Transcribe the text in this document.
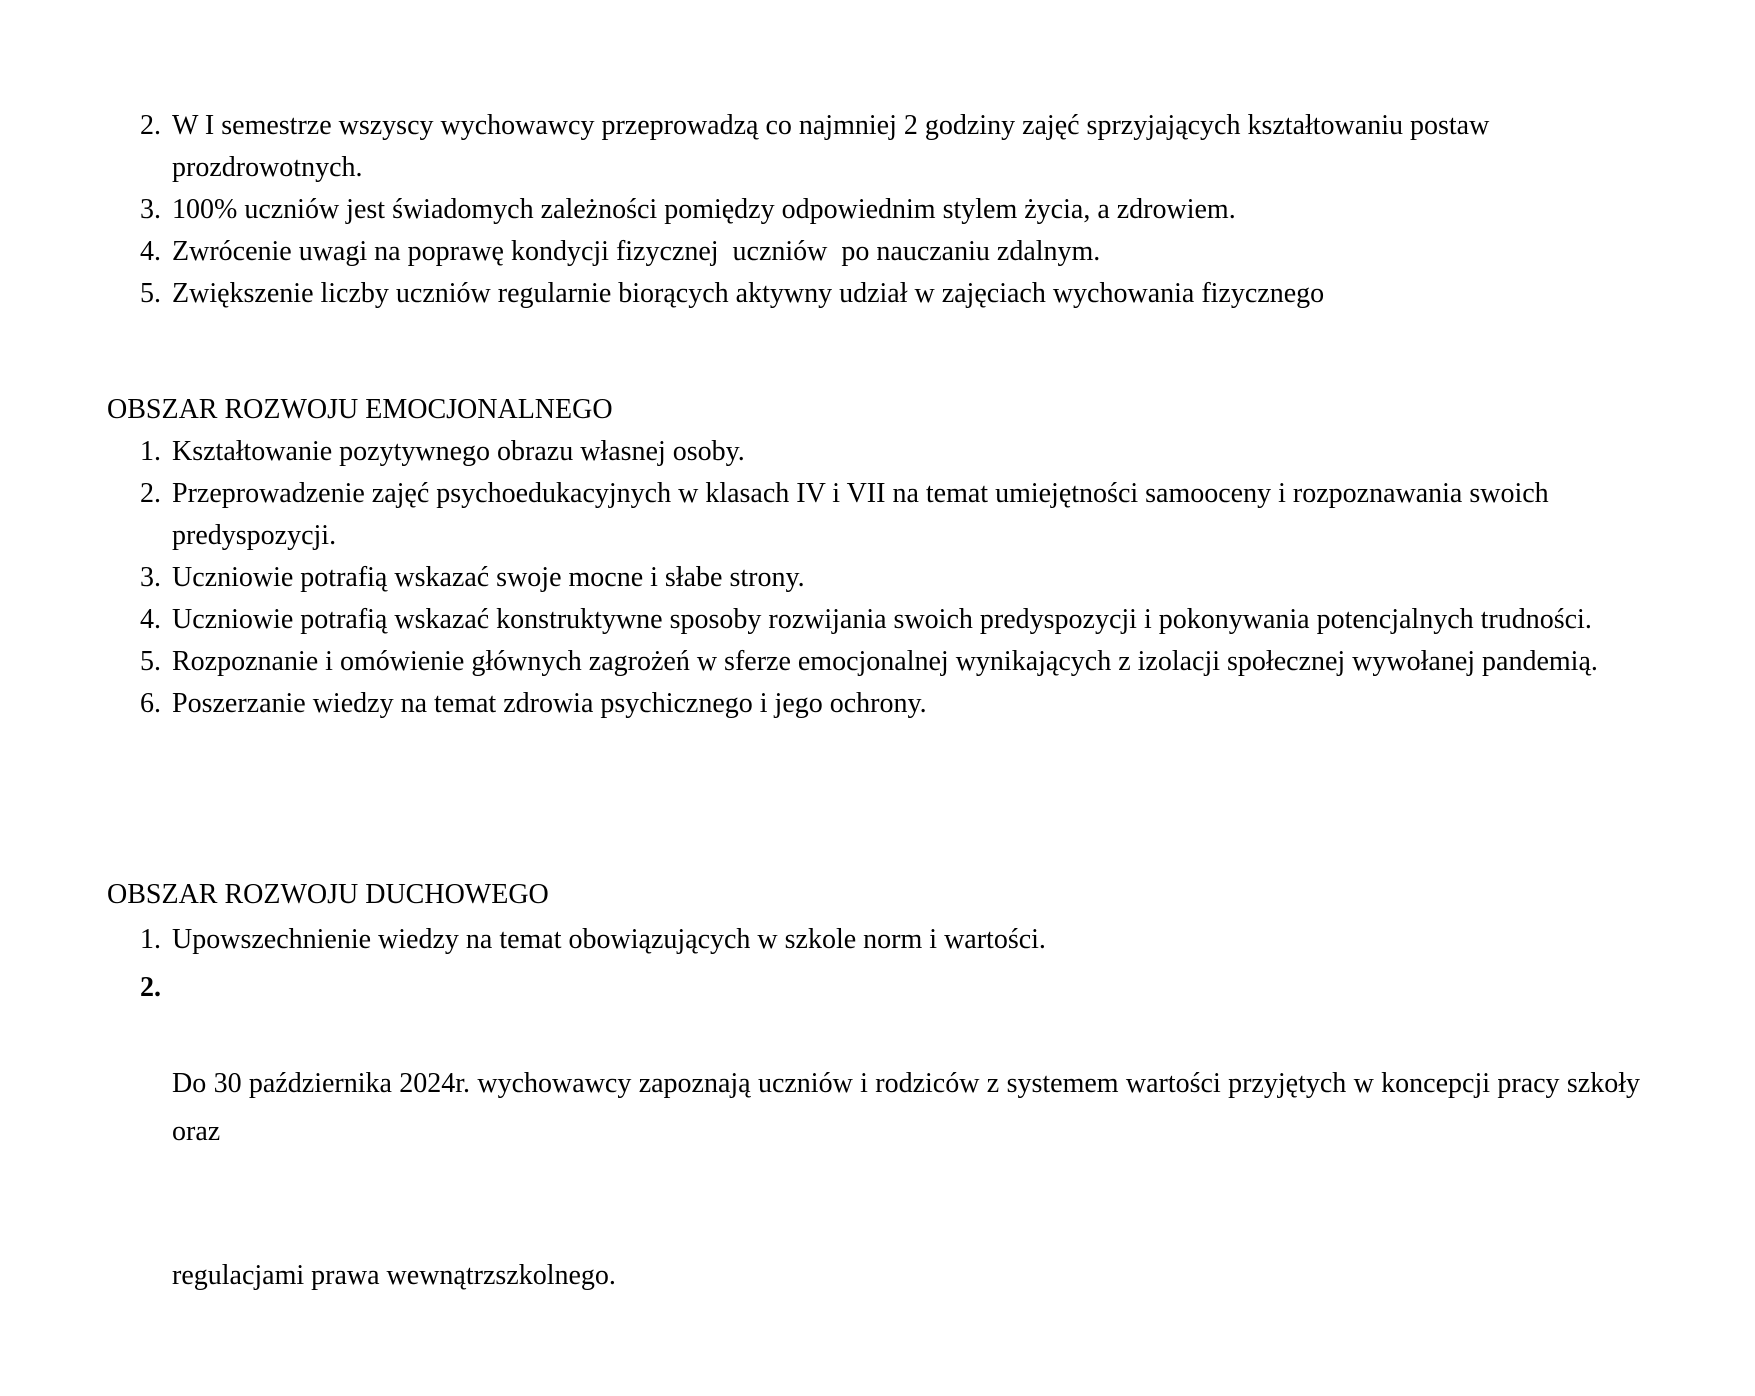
2. W I semestrze wszyscy wychowawcy przeprowadzą co najmniej 2 godziny zajęć sprzyjających kształtowaniu postaw prozdrowotnych.
3. 100% uczniów jest świadomych zależności pomiędzy odpowiednim stylem życia, a zdrowiem.
4. Zwrócenie uwagi na poprawę kondycji fizycznej  uczniów  po nauczaniu zdalnym.
5. Zwiększenie liczby uczniów regularnie biorących aktywny udział w zajęciach wychowania fizycznego
OBSZAR ROZWOJU EMOCJONALNEGO
1. Kształtowanie pozytywnego obrazu własnej osoby.
2. Przeprowadzenie zajęć psychoedukacyjnych w klasach IV i VII na temat umiejętności samooceny i rozpoznawania swoich predyspozycji.
3. Uczniowie potrafią wskazać swoje mocne i słabe strony.
4. Uczniowie potrafią wskazać konstruktywne sposoby rozwijania swoich predyspozycji i pokonywania potencjalnych trudności.
5. Rozpoznanie i omówienie głównych zagrożeń w sferze emocjonalnej wynikających z izolacji społecznej wywołanej pandemią.
6. Poszerzanie wiedzy na temat zdrowia psychicznego i jego ochrony.
OBSZAR ROZWOJU DUCHOWEGO
1. Upowszechnienie wiedzy na temat obowiązujących w szkole norm i wartości.
2.

Do 30 października 2024r. wychowawcy zapoznają uczniów i rodziców z systemem wartości przyjętych w koncepcji pracy szkoły oraz

regulacjami prawa wewnątrzszkolnego.
